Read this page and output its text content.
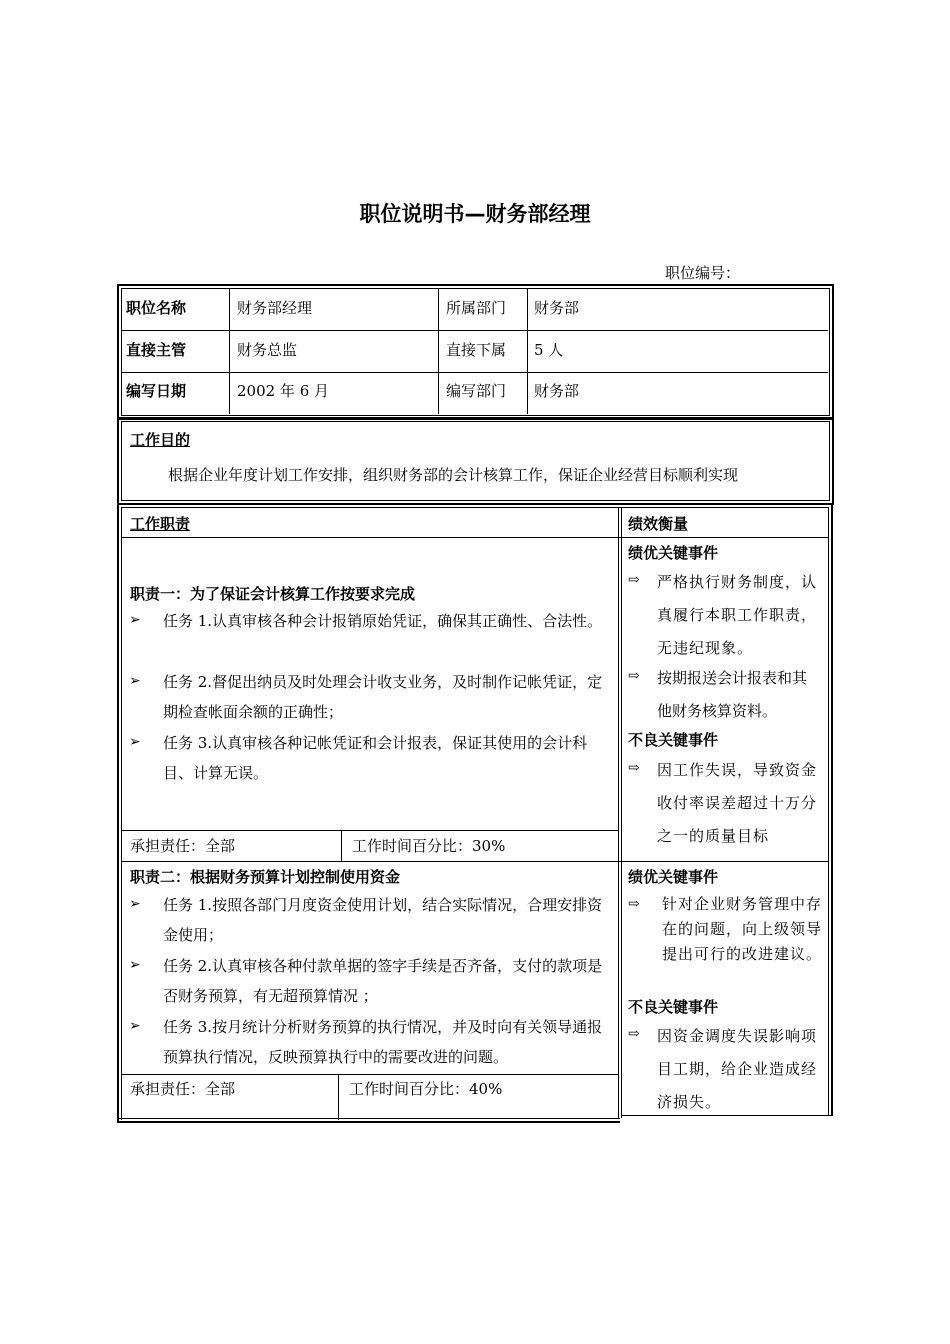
职位说明书—财务部经理
职位编号：
职位名称	财务部经理	所属部门 财务部
直接主管	财务总监	直接下属 5 人
编写日期	2002 年 6 月	编写部门 财务部
工作目的
根据企业年度计划工作安排，组织财务部的会计核算工作，保证企业经营目标顺利实现
工作职责	绩效衡量
职责一：为了保证会计核算工作按要求完成
➢ 任务 1.认真审核各种会计报销原始凭证，确保其正确性、合法性。
➢ 任务 2.督促出纳员及时处理会计收支业务，及时制作记帐凭证，定期检查帐面余额的正确性；
➢ 任务 3.认真审核各种记帐凭证和会计报表，保证其使用的会计科目、计算无误。
承担责任：全部	工作时间百分比：30%
绩优关键事件
⇨ 严格执行财务制度，认真履行本职工作职责，无违纪现象。
⇨ 按期报送会计报表和其他财务核算资料。
不良关键事件
⇨ 因工作失误，导致资金收付率误差超过十万分之一的质量目标
职责二：根据财务预算计划控制使用资金
➢ 任务 1.按照各部门月度资金使用计划，结合实际情况，合理安排资金使用；
➢ 任务 2.认真审核各种付款单据的签字手续是否齐备，支付的款项是否财务预算，有无超预算情况 ；
➢ 任务 3.按月统计分析财务预算的执行情况，并及时向有关领导通报预算执行情况，反映预算执行中的需要改进的问题。
承担责任：全部	工作时间百分比：40%
绩优关键事件
⇨ 针对企业财务管理中存在的问题，向上级领导提出可行的改进建议。
不良关键事件
⇨ 因资金调度失误影响项目工期，给企业造成经济损失。
